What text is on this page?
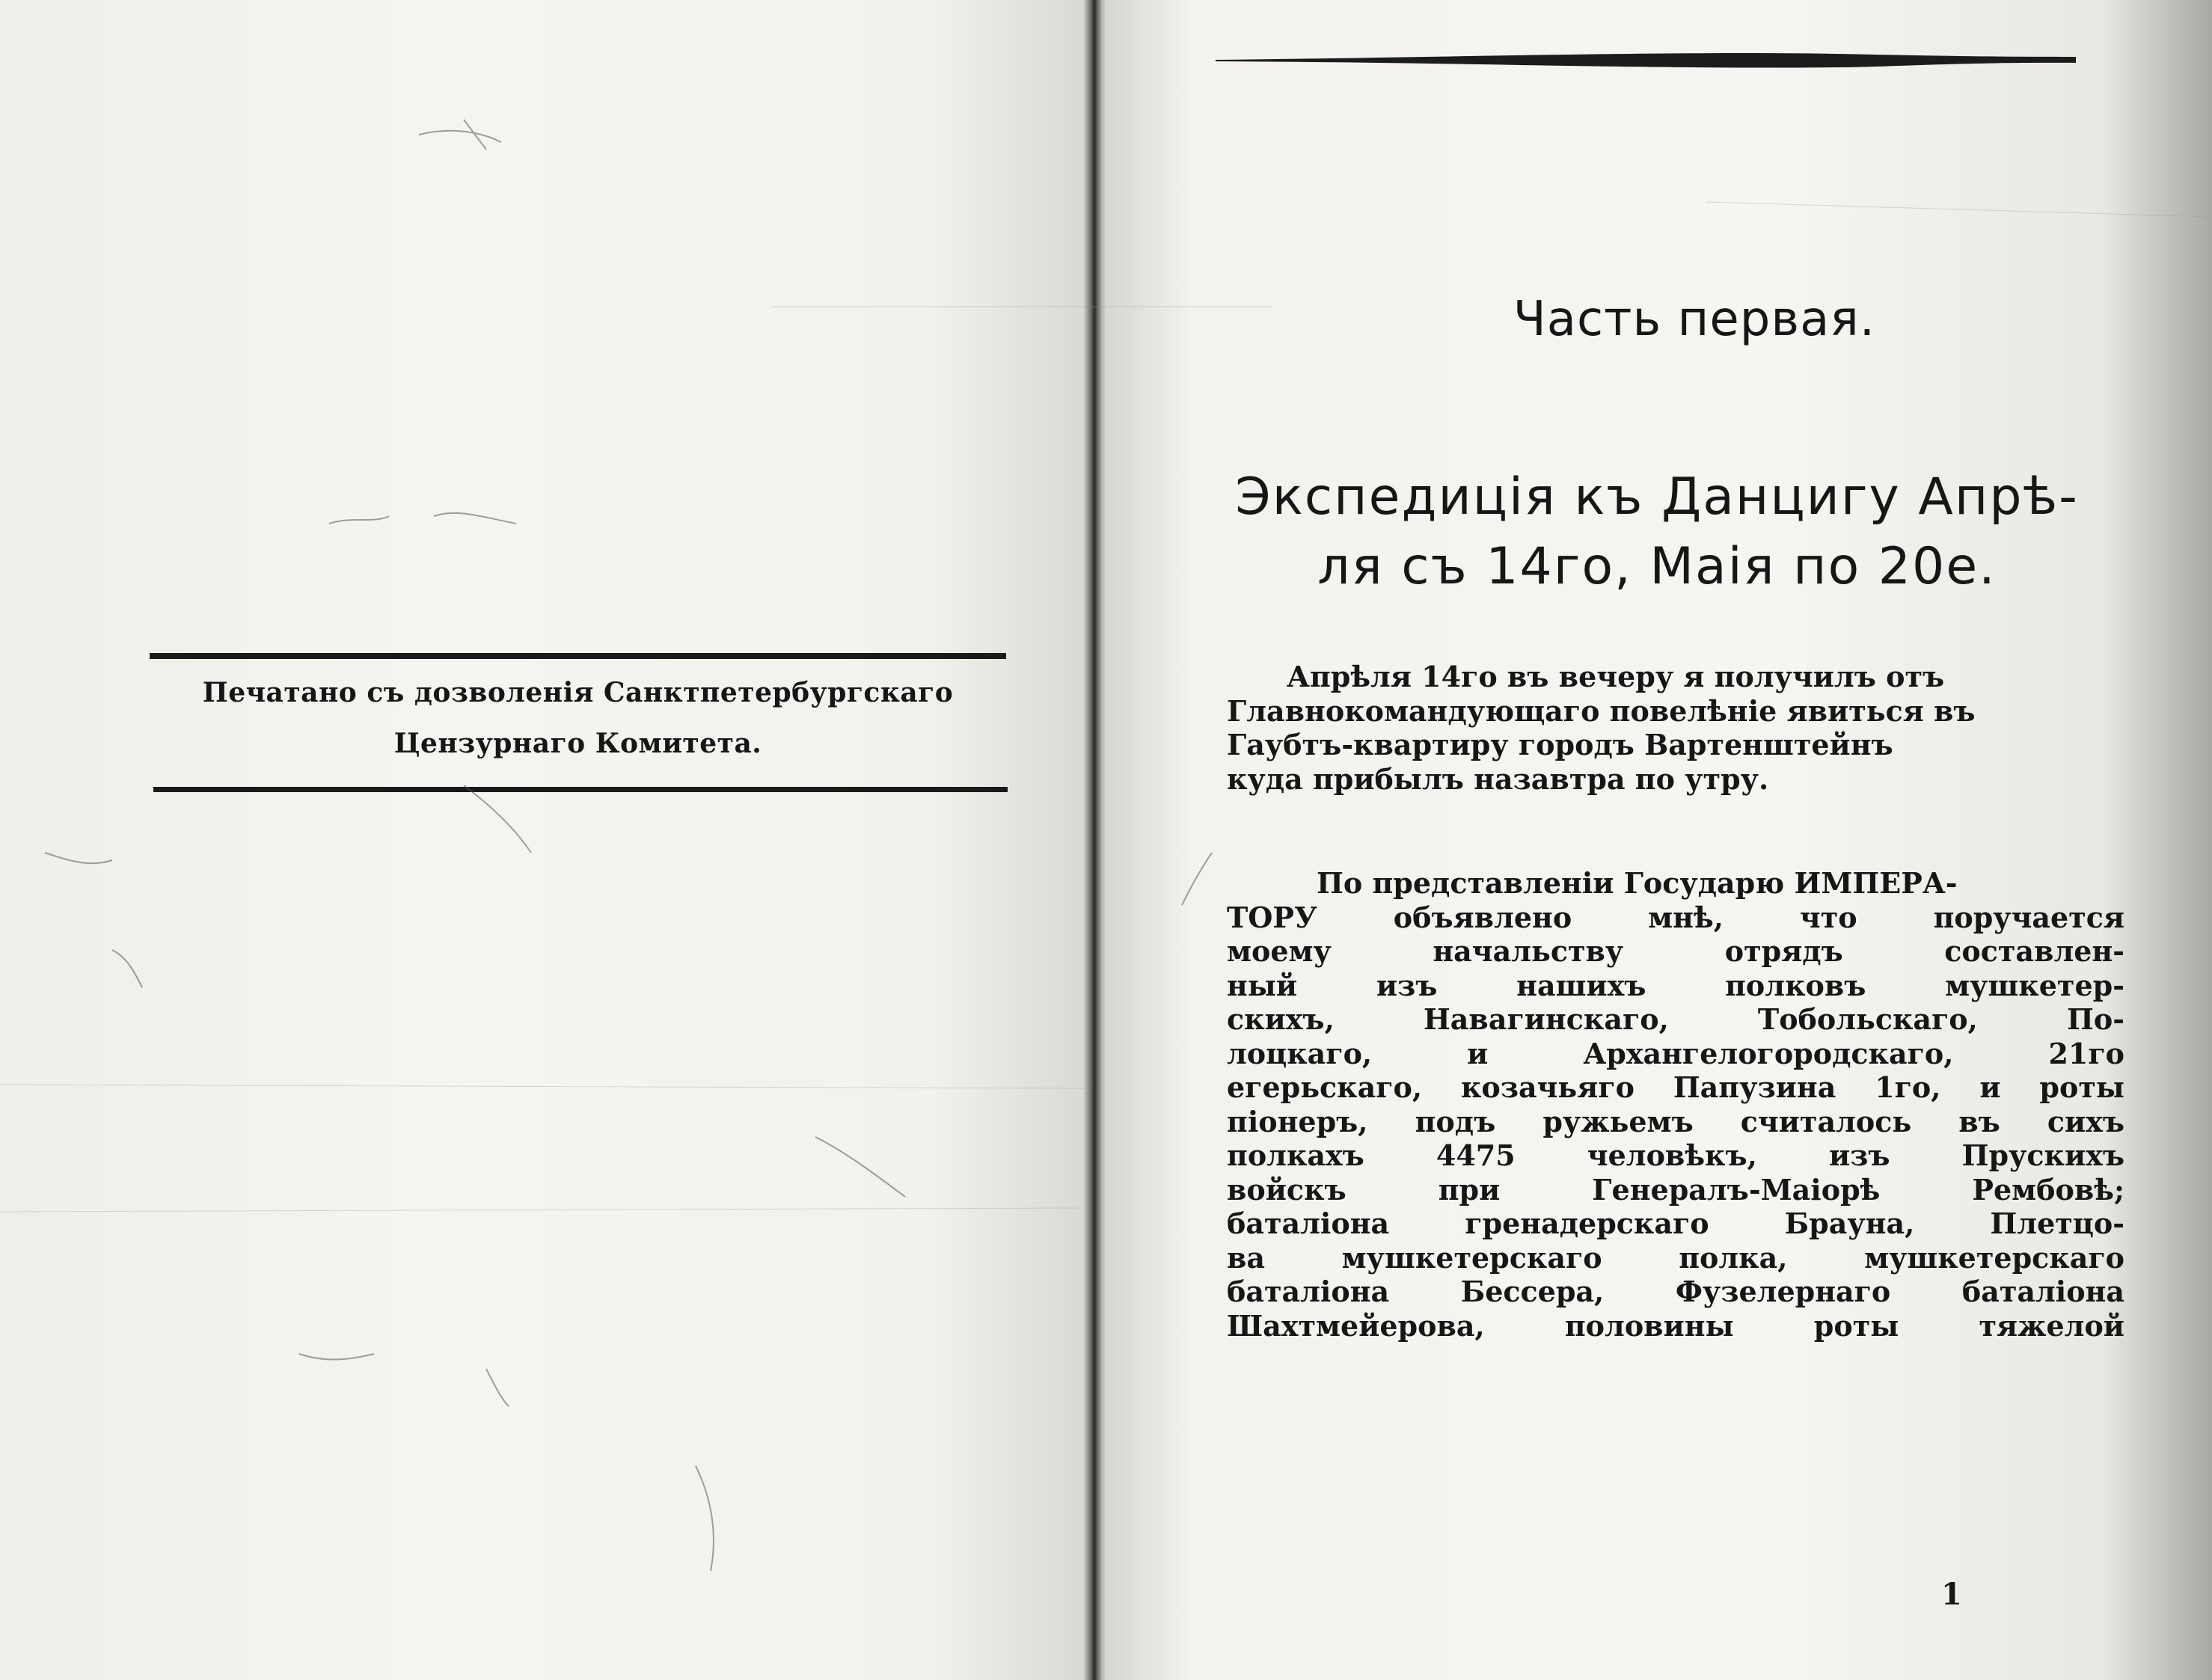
Печатано съ дозволенія Санктпетербургскаго
Цензурнаго Комитета.
Часть первая.
Экспедиція къ Данцигу Апрѣ-
ля съ 14го, Маія по 20е.
Апрѣля 14го въ вечеру я получилъ отъ
Главнокомандующаго повелѣніе явиться въ
Гаубтъ-квартиру городъ Вартенштейнъ
куда прибылъ назавтра по утру.
По представленіи Государю ИМПЕРА-
ТОРУ объявлено мнѣ, что поручается
моему начальству отрядъ составлен-
ный изъ нашихъ полковъ мушкетер-
скихъ, Навагинскаго, Тобольскаго, По-
лоцкаго, и Архангелогородскаго, 21го
егерьскаго, козачьяго Папузина 1го, и роты
піонеръ, подъ ружьемъ считалось въ сихъ
полкахъ 4475 человѣкъ, изъ Прускихъ
войскъ при Генералъ-Маiорѣ Рембовѣ;
баталіона гренадерскаго Брауна, Плетцо-
ва мушкетерскаго полка, мушкетерскаго
баталіона Бессера, Фузелернаго баталіона
Шахтмейерова, половины роты тяжелой
1
